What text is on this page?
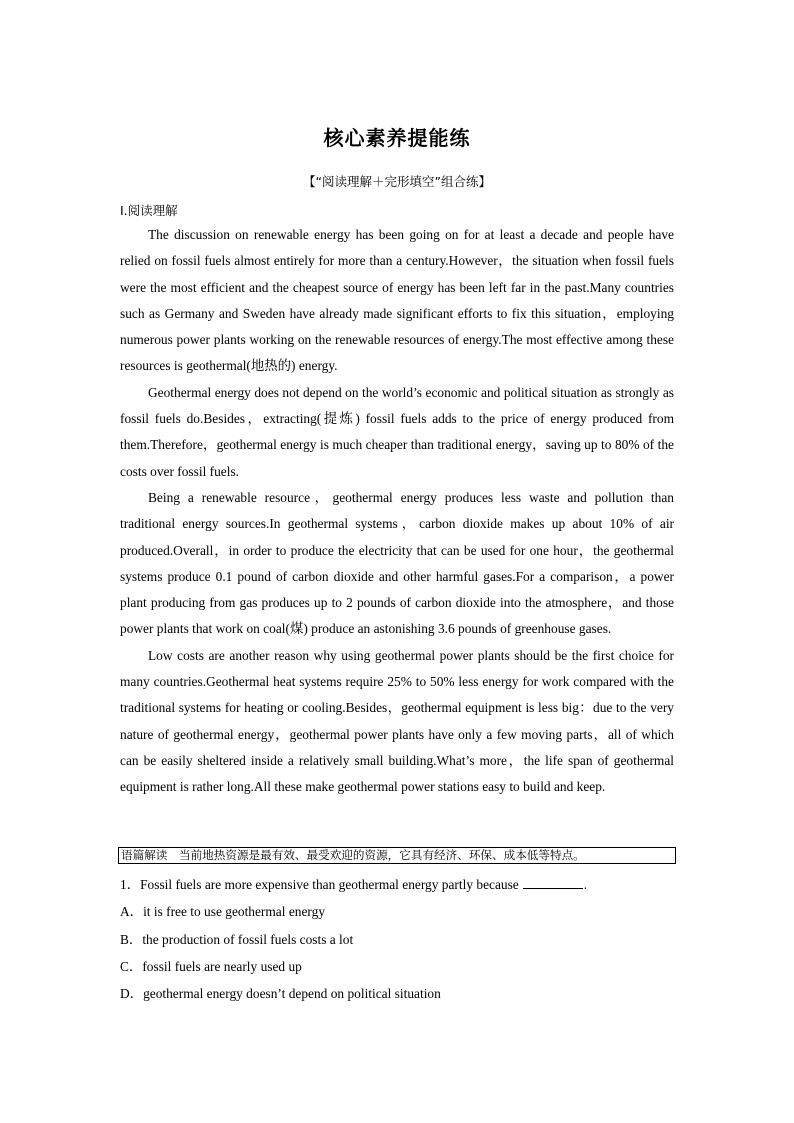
核心素养提能练
【“阅读理解＋完形填空”组合练】
Ⅰ.阅读理解

The discussion on renewable energy has been going on for at least a decade and people have relied on fossil fuels almost entirely for more than a century.However，the situation when fossil fuels were the most efficient and the cheapest source of energy has been left far in the past.Many countries such as Germany and Sweden have already made significant efforts to fix this situation，employing numerous power plants working on the renewable resources of energy.The most effective among these resources is geothermal(地热的) energy.

Geothermal energy does not depend on the world’s economic and political situation as strongly as fossil fuels do.Besides，extracting(提炼) fossil fuels adds to the price of energy produced from them.Therefore，geothermal energy is much cheaper than traditional energy，saving up to 80% of the costs over fossil fuels.

Being a renewable resource，geothermal energy produces less waste and pollution than traditional energy sources.In geothermal systems，carbon dioxide makes up about 10% of air produced.Overall，in order to produce the electricity that can be used for one hour，the geothermal systems produce 0.1 pound of carbon dioxide and other harmful gases.For a comparison，a power plant producing from gas produces up to 2 pounds of carbon dioxide into the atmosphere，and those power plants that work on coal(煤) produce an astonishing 3.6 pounds of greenhouse gases.

Low costs are another reason why using geothermal power plants should be the first choice for many countries.Geothermal heat systems require 25% to 50% less energy for work compared with the traditional systems for heating or cooling.Besides，geothermal equipment is less big：due to the very nature of geothermal energy，geothermal power plants have only a few moving parts，all of which can be easily sheltered inside a relatively small building.What’s more，the life span of geothermal equipment is rather long.All these make geothermal power stations easy to build and keep.

语篇解读　当前地热资源是最有效、最受欢迎的资源，它具有经济、环保、成本低等特点。

1．Fossil fuels are more expensive than geothermal energy partly because	.

A．it is free to use geothermal energy

B．the production of fossil fuels costs a lot

C．fossil fuels are nearly used up

D．geothermal energy doesn’t depend on political situation
